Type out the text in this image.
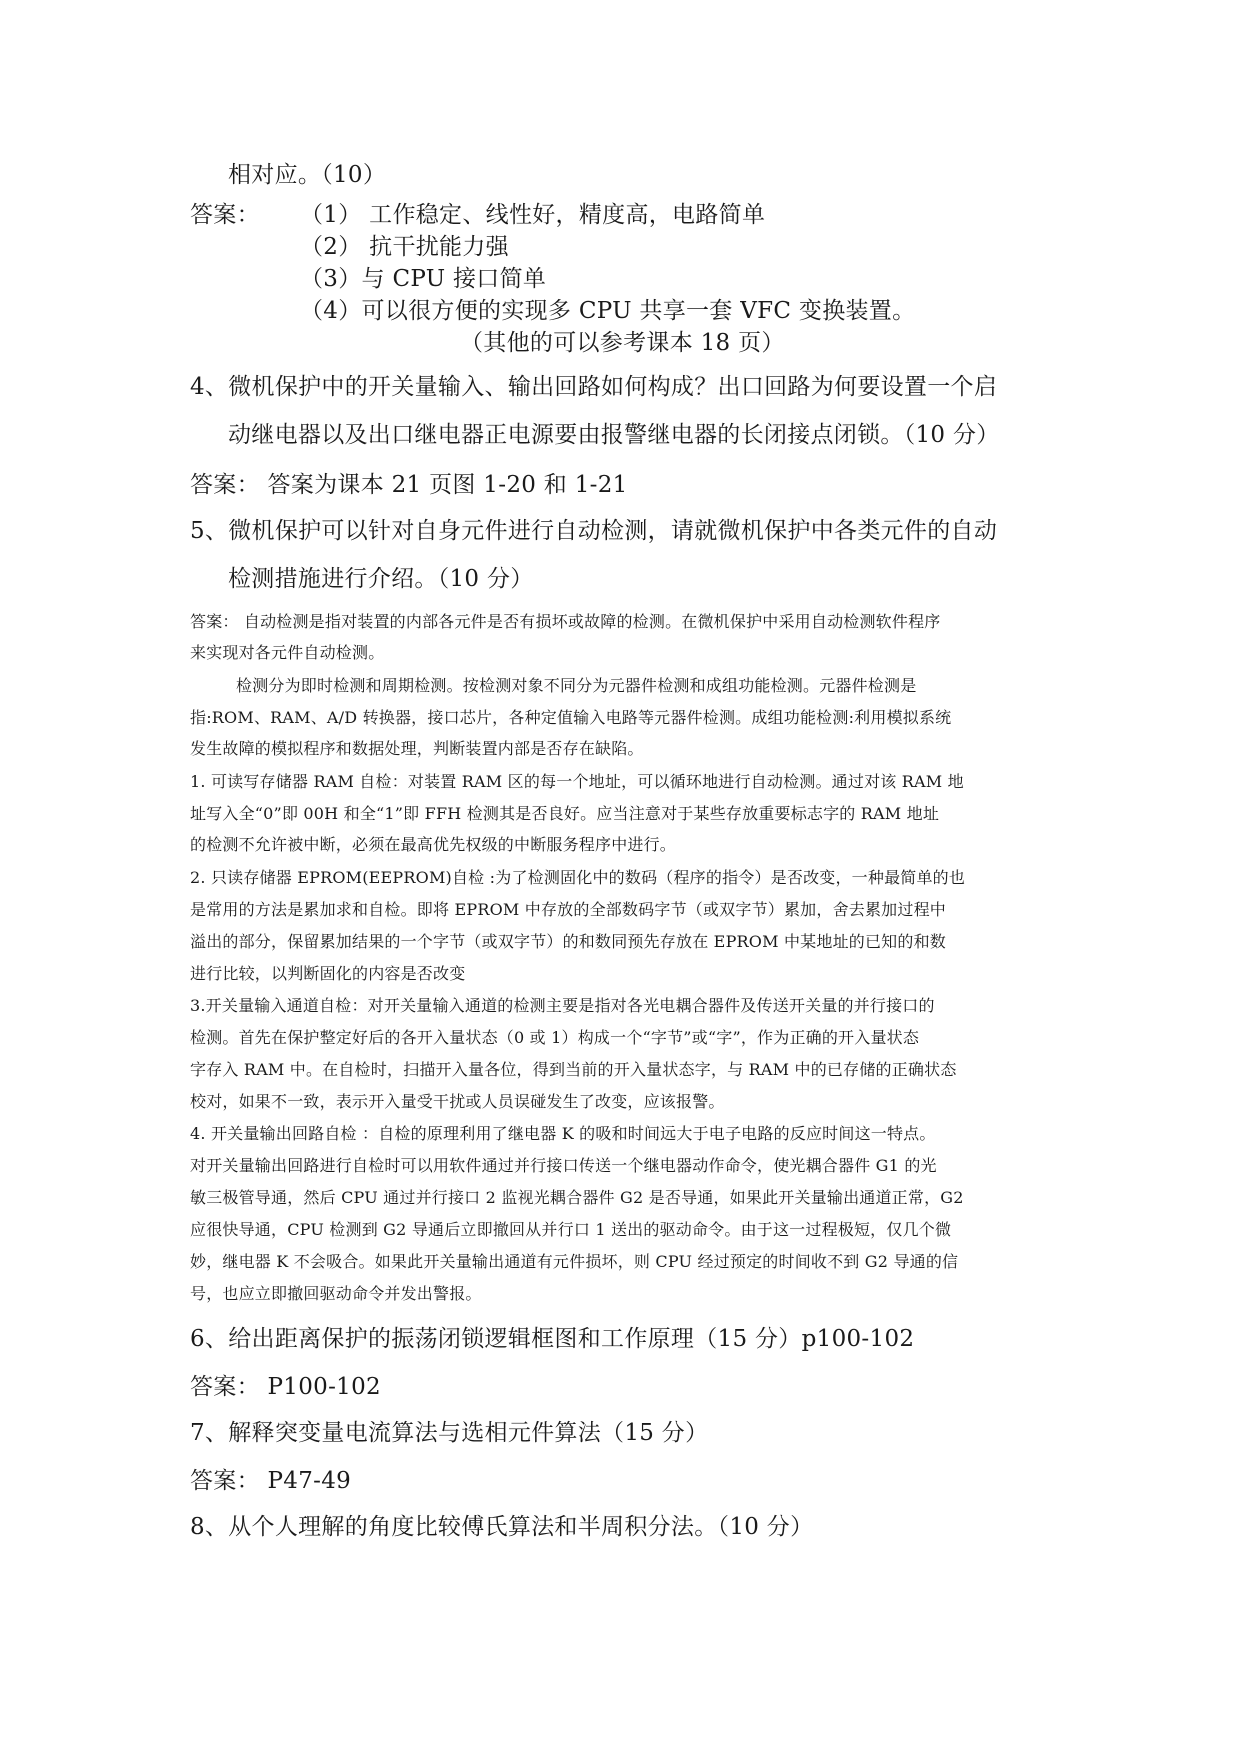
相对应。（10）
答案： （1） 工作稳定、线性好，精度高，电路简单
（2） 抗干扰能力强
（3）与 CPU 接口简单
（4）可以很方便的实现多 CPU 共享一套 VFC 变换装置。
（其他的可以参考课本 18 页）
4、微机保护中的开关量输入、输出回路如何构成？出口回路为何要设置一个启
动继电器以及出口继电器正电源要由报警继电器的长闭接点闭锁。（10 分）
答案： 答案为课本 21 页图 1-20 和 1-21
5、微机保护可以针对自身元件进行自动检测，请就微机保护中各类元件的自动
检测措施进行介绍。（10 分）
答案： 自动检测是指对装置的内部各元件是否有损坏或故障的检测。在微机保护中采用自动检测软件程序
来实现对各元件自动检测。
检测分为即时检测和周期检测。按检测对象不同分为元器件检测和成组功能检测。元器件检测是
指:ROM、RAM、A/D 转换器，接口芯片，各种定值输入电路等元器件检测。成组功能检测:利用模拟系统
发生故障的模拟程序和数据处理，判断装置内部是否存在缺陷。
1. 可读写存储器 RAM 自检：对装置 RAM 区的每一个地址，可以循环地进行自动检测。通过对该 RAM 地
址写入全“0”即 00H 和全“1”即 FFH 检测其是否良好。应当注意对于某些存放重要标志字的 RAM 地址
的检测不允许被中断，必须在最高优先权级的中断服务程序中进行。
2. 只读存储器 EPROM(EEPROM)自检 :为了检测固化中的数码（程序的指令）是否改变，一种最简单的也
是常用的方法是累加求和自检。即将 EPROM 中存放的全部数码字节（或双字节）累加，舍去累加过程中
溢出的部分，保留累加结果的一个字节（或双字节）的和数同预先存放在 EPROM 中某地址的已知的和数
进行比较，以判断固化的内容是否改变
3.开关量输入通道自检：对开关量输入通道的检测主要是指对各光电耦合器件及传送开关量的并行接口的
检测。首先在保护整定好后的各开入量状态（0 或 1）构成一个“字节”或“字”，作为正确的开入量状态
字存入 RAM 中。在自检时，扫描开入量各位，得到当前的开入量状态字，与 RAM 中的已存储的正确状态
校对，如果不一致，表示开入量受干扰或人员误碰发生了改变，应该报警。
4. 开关量输出回路自检 ：自检的原理利用了继电器 K 的吸和时间远大于电子电路的反应时间这一特点。
对开关量输出回路进行自检时可以用软件通过并行接口传送一个继电器动作命令，使光耦合器件 G1 的光
敏三极管导通，然后 CPU 通过并行接口 2 监视光耦合器件 G2 是否导通，如果此开关量输出通道正常，G2
应很快导通，CPU 检测到 G2 导通后立即撤回从并行口 1 送出的驱动命令。由于这一过程极短，仅几个微
妙，继电器 K 不会吸合。如果此开关量输出通道有元件损坏，则 CPU 经过预定的时间收不到 G2 导通的信
号，也应立即撤回驱动命令并发出警报。
6、给出距离保护的振荡闭锁逻辑框图和工作原理（15 分）p100-102
答案： P100-102
7、解释突变量电流算法与选相元件算法（15 分）
答案： P47-49
8、从个人理解的角度比较傅氏算法和半周积分法。（10 分）
